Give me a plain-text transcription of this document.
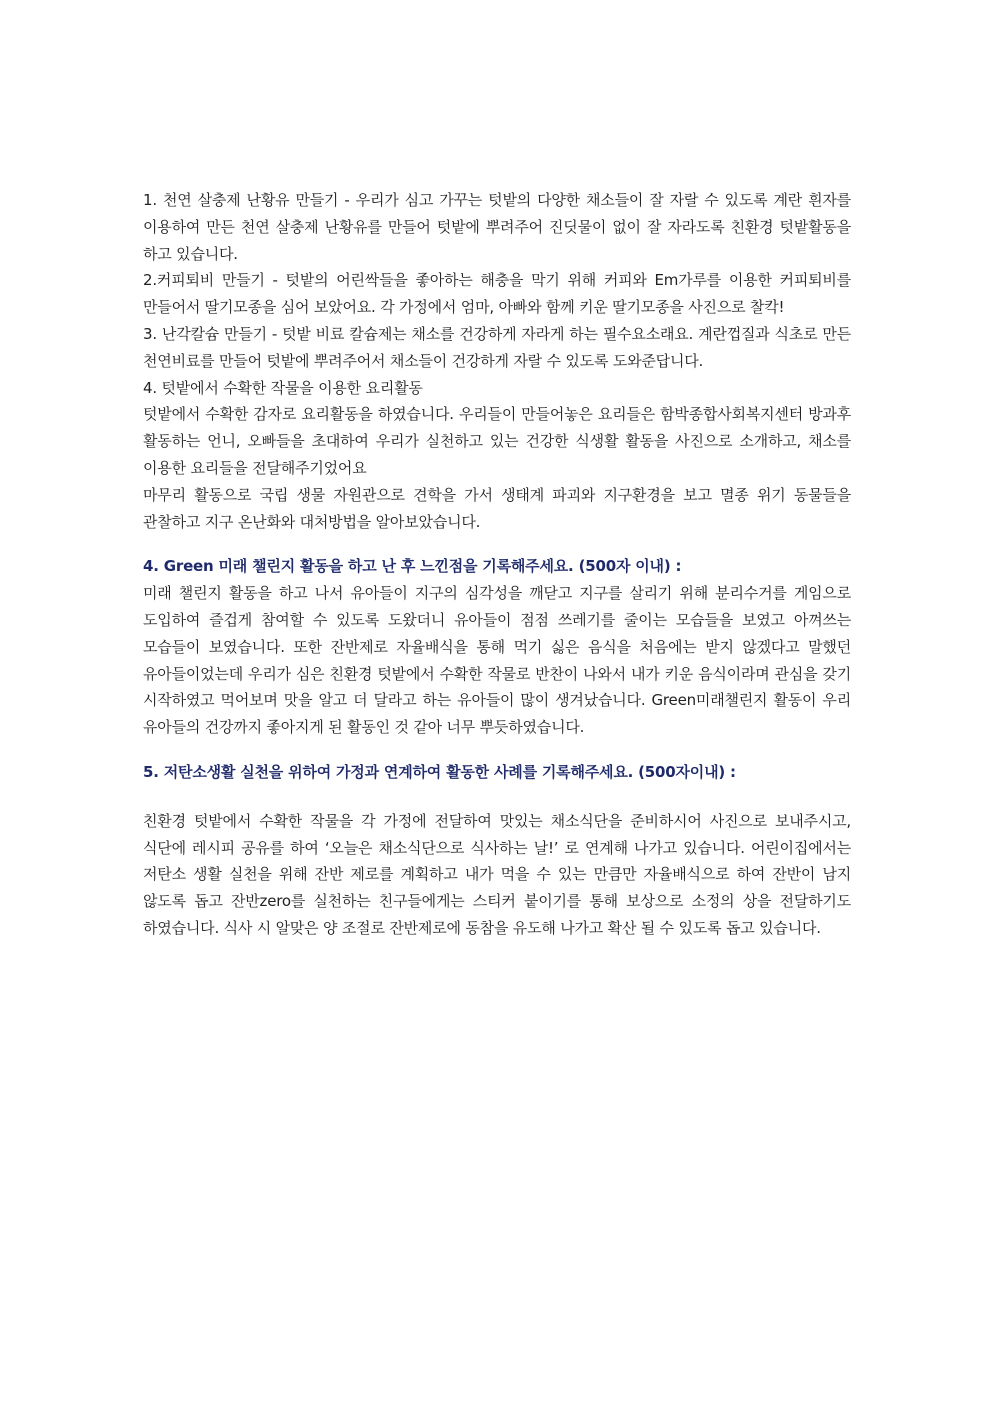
1. 천연 살충제 난황유 만들기 - 우리가 심고 가꾸는 텃밭의 다양한 채소들이 잘 자랄 수 있도록 계란 흰자를 이용하여 만든 천연 살충제 난황유를 만들어 텃밭에 뿌려주어 진딧물이 없이 잘 자라도록 친환경 텃밭활동을 하고 있습니다.

2.커피퇴비 만들기 - 텃밭의 어린싹들을 좋아하는 해충을 막기 위해 커피와 Em가루를 이용한 커피퇴비를 만들어서 딸기모종을 심어 보았어요. 각 가정에서 엄마, 아빠와 함께 키운 딸기모종을 사진으로 찰칵!

3. 난각칼슘 만들기 - 텃밭 비료 칼슘제는 채소를 건강하게 자라게 하는 필수요소래요. 계란껍질과 식초로 만든 천연비료를 만들어 텃밭에 뿌려주어서 채소들이 건강하게 자랄 수 있도록 도와준답니다.

4. 텃밭에서 수확한 작물을 이용한 요리활동

텃밭에서 수확한 감자로 요리활동을 하였습니다. 우리들이 만들어놓은 요리들은 함박종합사회복지센터 방과후 활동하는 언니, 오빠들을 초대하여 우리가 실천하고 있는 건강한 식생활 활동을 사진으로 소개하고, 채소를 이용한 요리들을 전달해주기었어요

마무리 활동으로 국립 생물 자원관으로 견학을 가서 생태계 파괴와 지구환경을 보고 멸종 위기 동물들을 관찰하고 지구 온난화와 대처방법을 알아보았습니다.

4. Green 미래 챌린지 활동을 하고 난 후 느낀점을 기록해주세요. (500자 이내) :

미래 챌린지 활동을 하고 나서 유아들이 지구의 심각성을 깨닫고 지구를 살리기 위해 분리수거를 게임으로 도입하여 즐겁게 참여할 수 있도록 도왔더니 유아들이 점점 쓰레기를 줄이는 모습들을 보였고 아껴쓰는 모습들이 보였습니다. 또한 잔반제로 자율배식을 통해 먹기 싫은 음식을 처음에는 받지 않겠다고 말했던 유아들이었는데 우리가 심은 친환경 텃밭에서 수확한 작물로 반찬이 나와서 내가 키운 음식이라며 관심을 갖기 시작하였고 먹어보며 맛을 알고 더 달라고 하는 유아들이 많이 생겨났습니다. Green미래챌린지 활동이 우리 유아들의 건강까지 좋아지게 된 활동인 것 같아 너무 뿌듯하였습니다.

5. 저탄소생활 실천을 위하여 가정과 연계하여 활동한 사례를 기록해주세요. (500자이내) :

친환경 텃밭에서 수확한 작물을 각 가정에 전달하여 맛있는 채소식단을 준비하시어 사진으로 보내주시고, 식단에 레시피 공유를 하여 ‘오늘은 채소식단으로 식사하는 날!’ 로 연계해 나가고 있습니다. 어린이집에서는 저탄소 생활 실천을 위해 잔반 제로를 계획하고 내가 먹을 수 있는 만큼만 자율배식으로 하여 잔반이 남지 않도록 돕고 잔반zero를 실천하는 친구들에게는 스티커 붙이기를 통해 보상으로 소정의 상을 전달하기도 하였습니다. 식사 시 알맞은 양 조절로 잔반제로에 동참을 유도해 나가고 확산 될 수 있도록 돕고 있습니다.
